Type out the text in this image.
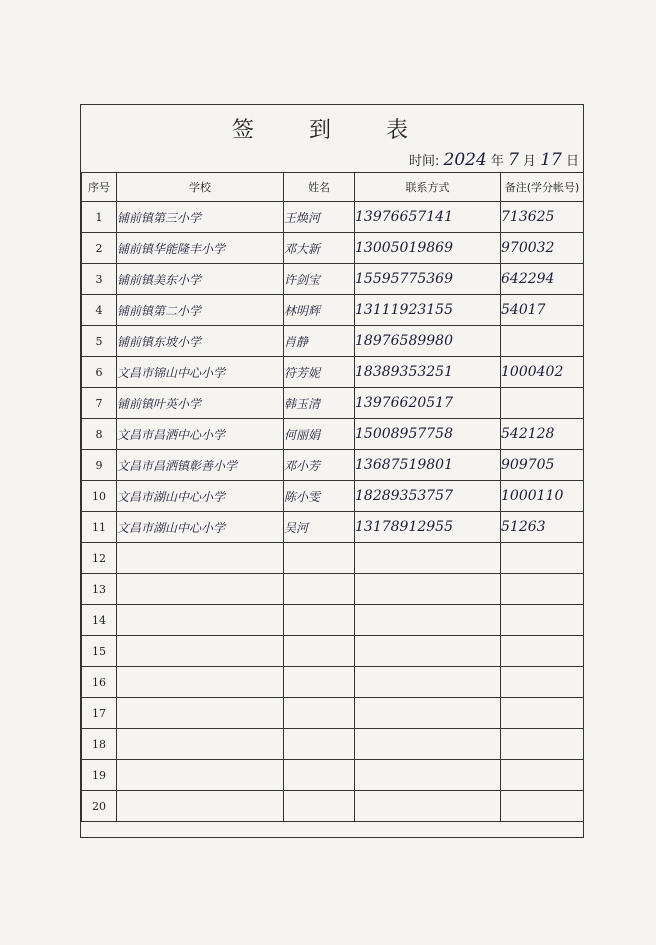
签 到 表
时间: 2024 年 7 月 17 日
序号	学校	姓名	联系方式	备注(学分帐号)
1	铺前镇第三小学	王焕河	13976657141	713625
2	铺前镇华能隆丰小学	邓大新	13005019869	970032
3	铺前镇美东小学	许剑宝	15595775369	642294
4	铺前镇第二小学	林明辉	13111923155	54017
5	铺前镇东坡小学	肖静	18976589980	
6	文昌市锦山中心小学	符芳妮	18389353251	1000402
7	铺前镇叶英小学	韩玉清	13976620517	
8	文昌市昌洒中心小学	何丽娟	15008957758	542128
9	文昌市昌洒镇彰善小学	邓小芳	13687519801	909705
10	文昌市湖山中心小学	陈小雯	18289353757	1000110
11	文昌市湖山中心小学	吴河	13178912955	51263
12				
13				
14				
15				
16				
17				
18				
19				
20				
